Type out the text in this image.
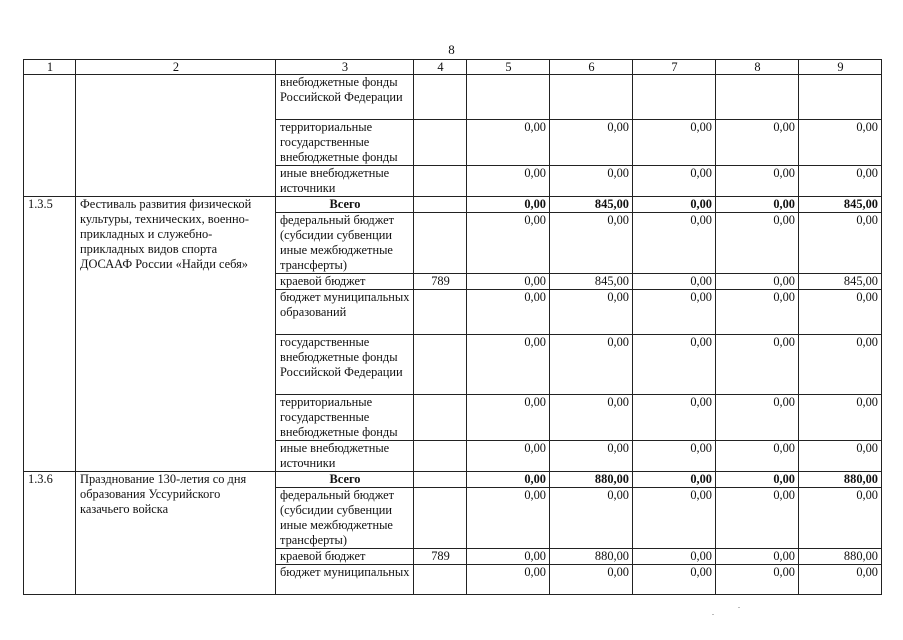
8
1	2	3	4	5	6	7	8	9
		внебюджетные фонды Российской Федерации						
		территориальные государственные внебюджетные фонды		0,00	0,00	0,00	0,00	0,00
		иные внебюджетные источники		0,00	0,00	0,00	0,00	0,00
1.3.5	Фестиваль развития физической культуры, технических, военно-прикладных и служебно-прикладных видов спорта ДОСААФ России «Найди себя»	Всего		0,00	845,00	0,00	0,00	845,00
		федеральный бюджет (субсидии субвенции иные межбюджетные трансферты)		0,00	0,00	0,00	0,00	0,00
		краевой бюджет	789	0,00	845,00	0,00	0,00	845,00
		бюджет муниципальных образований		0,00	0,00	0,00	0,00	0,00
		государственные внебюджетные фонды Российской Федерации		0,00	0,00	0,00	0,00	0,00
		территориальные государственные внебюджетные фонды		0,00	0,00	0,00	0,00	0,00
		иные внебюджетные источники		0,00	0,00	0,00	0,00	0,00
1.3.6	Празднование 130-летия со дня образования Уссурийского казачьего войска	Всего		0,00	880,00	0,00	0,00	880,00
		федеральный бюджет (субсидии субвенции иные межбюджетные трансферты)		0,00	0,00	0,00	0,00	0,00
		краевой бюджет	789	0,00	880,00	0,00	0,00	880,00
		бюджет муниципальных		0,00	0,00	0,00	0,00	0,00
